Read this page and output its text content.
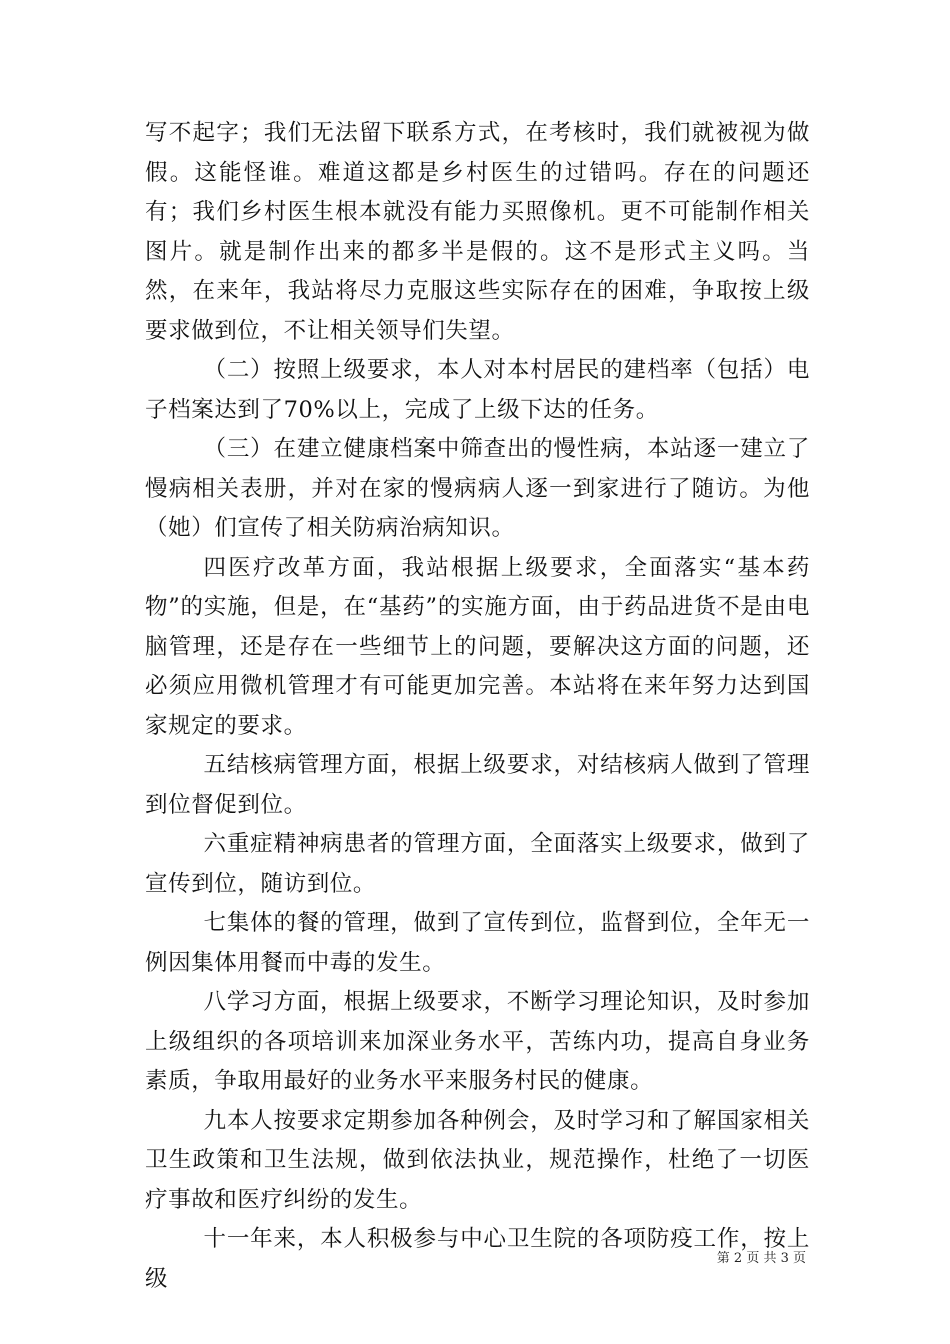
写不起字；我们无法留下联系方式，在考核时，我们就被视为做假。这能怪谁。难道这都是乡村医生的过错吗。存在的问题还有；我们乡村医生根本就没有能力买照像机。更不可能制作相关图片。就是制作出来的都多半是假的。这不是形式主义吗。当然，在来年，我站将尽力克服这些实际存在的困难，争取按上级要求做到位，不让相关领导们失望。

（二）按照上级要求，本人对本村居民的建档率（包括）电子档案达到了70%以上，完成了上级下达的任务。

（三）在建立健康档案中筛查出的慢性病，本站逐一建立了慢病相关表册，并对在家的慢病病人逐一到家进行了随访。为他（她）们宣传了相关防病治病知识。

四医疗改革方面，我站根据上级要求，全面落实“基本药物”的实施，但是，在“基药”的实施方面，由于药品进货不是由电脑管理，还是存在一些细节上的问题，要解决这方面的问题，还必须应用微机管理才有可能更加完善。本站将在来年努力达到国家规定的要求。

五结核病管理方面，根据上级要求，对结核病人做到了管理到位督促到位。

六重症精神病患者的管理方面，全面落实上级要求，做到了宣传到位，随访到位。

七集体的餐的管理，做到了宣传到位，监督到位，全年无一例因集体用餐而中毒的发生。

八学习方面，根据上级要求，不断学习理论知识，及时参加上级组织的各项培训来加深业务水平，苦练内功，提高自身业务素质，争取用最好的业务水平来服务村民的健康。

九本人按要求定期参加各种例会，及时学习和了解国家相关卫生政策和卫生法规，做到依法执业，规范操作，杜绝了一切医疗事故和医疗纠纷的发生。

十一年来，本人积极参与中心卫生院的各项防疫工作，按上级

第 2 页 共 3 页
